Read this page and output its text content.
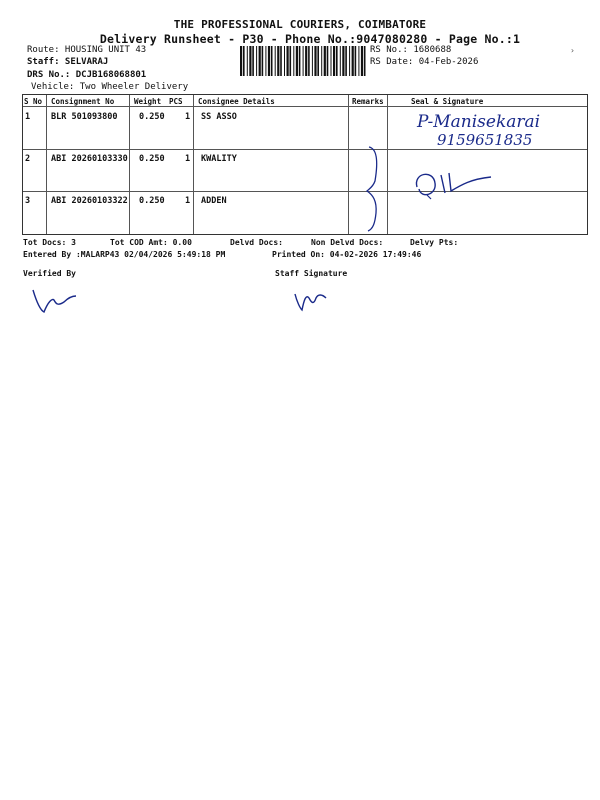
THE PROFESSIONAL COURIERS, COIMBATORE
Delivery Runsheet - P30 - Phone No.:9047080280 - Page No.:1
Route: HOUSING UNIT 43
Staff: SELVARAJ
DRS No.: DCJB168068801
Vehicle: Two Wheeler Delivery
RS No.: 1680688
RS Date: 04-Feb-2026
›
S No Consignment No	Weight PCS Consignee Details	Remarks	Seal & Signature
1 BLR 501093800	0.250 1 SS ASSO
2 ABI 20260103330 0.250 1 KWALITY
3 ABI 20260103322 0.250 1 ADDEN
P-Manisekarai
9159651835
Tot Docs: 3	Tot COD Amt: 0.00	Delvd Docs:	Non Delvd Docs:	Delvy Pts:
Entered By :MALARP43 02/04/2026 5:49:18 PM	Printed On: 04-02-2026 17:49:46
Verified By	Staff Signature
